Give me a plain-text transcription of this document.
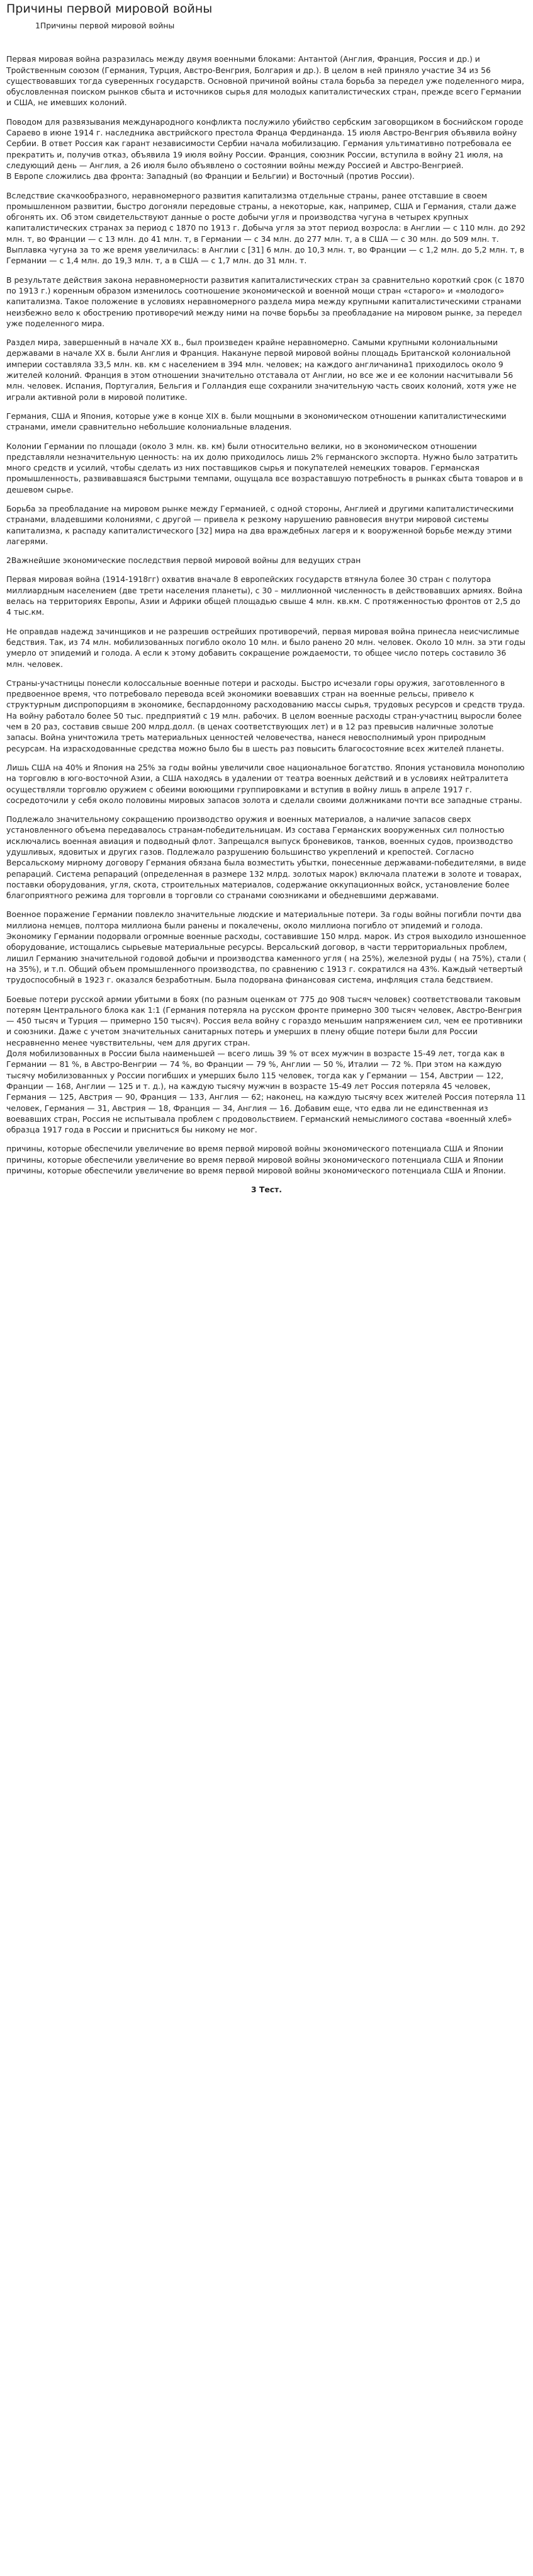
Причины первой мировой войны
1Причины первой мировой войны

Первая мировая война разразилась между двумя военными блоками: Антантой (Англия, Франция, Россия и др.) и Тройственным союзом (Германия, Турция, Австро-Венгрия, Болгария и др.). В целом в ней приняло участие 34 из 56 существовавших тогда суверенных государств. Основной причиной войны стала борьба за передел уже поделенного мира, обусловленная поиском рынков сбыта и источников сырья для молодых капиталистических стран, прежде всего Германии и США, не имевших колоний.

Поводом для развязывания международного конфликта послужило убийство сербским заговорщиком в боснийском городе Сараево в июне 1914 г. наследника австрийского престола Франца Фердинанда. 15 июля Австро-Венгрия объявила войну Сербии. В ответ Россия как гарант независимости Сербии начала мобилизацию. Германия ультимативно потребовала ее прекратить и, получив отказ, объявила 19 июля войну России. Франция, союзник России, вступила в войну 21 июля, на следующий день — Англия, а 26 июля было объявлено о состоянии войны между Россией и Австро-Венгрией.
В Европе сложились два фронта: Западный (во Франции и Бельгии) и Восточный (против России).

Вследствие скачкообразного, неравномерного развития капитализма отдельные страны, ранее отставшие в своем промышленном развитии, быстро догоняли передовые страны, а некоторые, как, например, США и Германия, стали даже обгонять их. Об этом свидетельствуют данные о росте добычи угля и производства чугуна в четырех крупных капиталистических странах за период с 1870 по 1913 г. Добыча угля за этот период возросла: в Англии — с 110 млн. до 292 млн. т, во Франции — с 13 млн. до 41 млн. т, в Германии — с 34 млн. до 277 млн. т, а в США — с 30 млн. до 509 млн. т. Выплавка чугуна за то же время увеличилась: в Англии с [31] 6 млн. до 10,3 млн. т, во Франции — с 1,2 млн. до 5,2 млн. т, в Германии — с 1,4 млн. до 19,3 млн. т, а в США — с 1,7 млн. до 31 млн. т.

В результате действия закона неравномерности развития капиталистических стран за сравнительно короткий срок (с 1870 по 1913 г.) коренным образом изменилось соотношение экономической и военной мощи стран «старого» и «молодого» капитализма. Такое положение в условиях неравномерного раздела мира между крупными капиталистическими странами неизбежно вело к обострению противоречий между ними на почве борьбы за преобладание на мировом рынке, за передел уже поделенного мира.

Раздел мира, завершенный в начале XX в., был произведен крайне неравномерно. Самыми крупными колониальными державами в начале XX в. были Англия и Франция. Накануне первой мировой войны площадь Британской колониальной империи составляла 33,5 млн. кв. км с населением в 394 млн. человек; на каждого англичанина1 приходилось около 9 жителей колоний. Франция в этом отношении значительно отставала от Англии, но все же и ее колонии насчитывали 56 млн. человек. Испания, Португалия, Бельгия и Голландия еще сохранили значительную часть своих колоний, хотя уже не играли активной роли в мировой политике.

Германия, США и Япония, которые уже в конце XIX в. были мощными в экономическом отношении капиталистическими странами, имели сравнительно небольшие колониальные владения.

Колонии Германии по площади (около 3 млн. кв. км) были относительно велики, но в экономическом отношении представляли незначительную ценность: на их долю приходилось лишь 2% германского экспорта. Нужно было затратить много средств и усилий, чтобы сделать из них поставщиков сырья и покупателей немецких товаров. Германская промышленность, развивавшаяся быстрыми темпами, ощущала все возраставшую потребность в рынках сбыта товаров и в дешевом сырье.

Борьба за преобладание на мировом рынке между Германией, с одной стороны, Англией и другими капиталистическими странами, владевшими колониями, с другой — привела к резкому нарушению равновесия внутри мировой системы капитализма, к распаду капиталистического [32] мира на два враждебных лагеря и к вооруженной борьбе между этими лагерями.

2Важнейшие экономические последствия первой мировой войны для ведущих стран

Первая мировая война (1914-1918гг) охватив вначале 8 европейских государств втянула более 30 стран с полутора миллиардным населением (две трети населения планеты), с 30 – миллионной численность в действовавших армиях. Война велась на территориях Европы, Азии и Африки общей площадью свыше 4 млн. кв.км. С протяженностью фронтов от 2,5 до 4 тыс.км.

Не оправдав надежд зачинщиков и не разрешив острейших противоречий, первая мировая война принесла неисчислимые бедствия. Так, из 74 млн. мобилизованных погибло около 10 млн. и было ранено 20 млн. человек. Около 10 млн. за эти годы умерло от эпидемий и голода. А если к этому добавить сокращение рождаемости, то общее число потерь составило 36 млн. человек.

Страны-участницы понесли колоссальные военные потери и расходы. Быстро исчезали горы оружия, заготовленного в предвоенное время, что потребовало перевода всей экономики воевавших стран на военные рельсы, привело к структурным диспропорциям в экономике, беспардонному расходованию массы сырья, трудовых ресурсов и средств труда. На войну работало более 50 тыс. предприятий с 19 млн. рабочих. В целом военные расходы стран-участниц выросли более чем в 20 раз, составив свыше 200 млрд.долл. (в ценах соответствующих лет) и в 12 раз превысив наличные золотые запасы. Война уничтожила треть материальных ценностей человечества, нанеся невосполнимый урон природным ресурсам. На израсходованные средства можно было бы в шесть раз повысить благосостояние всех жителей планеты.

Лишь США на 40% и Япония на 25% за годы войны увеличили свое национальное богатство. Япония установила монополию на торговлю в юго-восточной Азии, а США находясь в удалении от театра военных действий и в условиях нейтралитета осуществляли торговлю оружием с обеими воюющими группировками и вступив в войну лишь в апреле 1917 г. сосредоточили у себя около половины мировых запасов золота и сделали своими должниками почти все западные страны.

Подлежало значительному сокращению производство оружия и военных материалов, а наличие запасов сверх установленного объема передавалось странам-победительницам. Из состава Германских вооруженных сил полностью исключались военная авиация и подводный флот. Запрещался выпуск броневиков, танков, военных судов, производство удушливых, ядовитых и других газов. Подлежало разрушению большинство укреплений и крепостей. Согласно Версальскому мирному договору Германия обязана была возместить убытки, понесенные державами-победителями, в виде репараций. Система репараций (определенная в размере 132 млрд. золотых марок) включала платежи в золоте и товарах, поставки оборудования, угля, скота, строительных материалов, содержание оккупационных войск, установление более благоприятного режима для торговли в торговли со странами союзниками и обедневшими державами.

Военное поражение Германии повлекло значительные людские и материальные потери. За годы войны погибли почти два миллиона немцев, полтора миллиона были ранены и покалечены, около миллиона погибло от эпидемий и голода.
Экономику Германии подорвали огромные военные расходы, составившие 150 млрд. марок. Из строя выходило изношенное оборудование, истощались сырьевые материальные ресурсы. Версальский договор, в части территориальных проблем, лишил Германию значительной годовой добычи и производства каменного угля ( на 25%), железной руды ( на 75%), стали ( на 35%), и т.п. Общий объем промышленного производства, по сравнению с 1913 г. сократился на 43%. Каждый четвертый трудоспособный в 1923 г. оказался безработным. Была подорвана финансовая система, инфляция стала бедствием.

Боевые потери русской армии убитыми в боях (по разным оценкам от 775 до 908 тысяч человек) соответствовали таковым потерям Центрального блока как 1:1 (Германия потеряла на русском фронте примерно 300 тысяч человек, Австро-Венгрия — 450 тысяч и Турция — примерно 150 тысяч). Россия вела войну с гораздо меньшим напряжением сил, чем ее противники и союзники. Даже с учетом значительных санитарных потерь и умерших в плену общие потери были для России несравненно менее чувствительны, чем для других стран.
Доля мобилизованных в России была наименьшей — всего лишь 39 % от всех мужчин в возрасте 15-49 лет, тогда как в Германии — 81 %, в Австро-Венгрии — 74 %, во Франции — 79 %, Англии — 50 %, Италии — 72 %. При этом на каждую тысячу мобилизованных у России погибших и умерших было 115 человек, тогда как у Германии — 154, Австрии — 122, Франции — 168, Англии — 125 и т. д.), на каждую тысячу мужчин в возрасте 15-49 лет Россия потеряла 45 человек, Германия — 125, Австрия — 90, Франция — 133, Англия — 62; наконец, на каждую тысячу всех жителей Россия потеряла 11 человек, Германия — 31, Австрия — 18, Франция — 34, Англия — 16. Добавим еще, что едва ли не единственная из воевавших стран, Россия не испытывала проблем с продовольствием. Германский немыслимого состава «военный хлеб» образца 1917 года в России и присниться бы никому не мог.

причины, которые обеспечили увеличение во время первой мировой войны экономического потенциала США и Японии причины, которые обеспечили увеличение во время первой мировой войны экономического потенциала США и Японии причины, которые обеспечили увеличение во время первой мировой войны экономического потенциала США и Японии.

3 Тест.
